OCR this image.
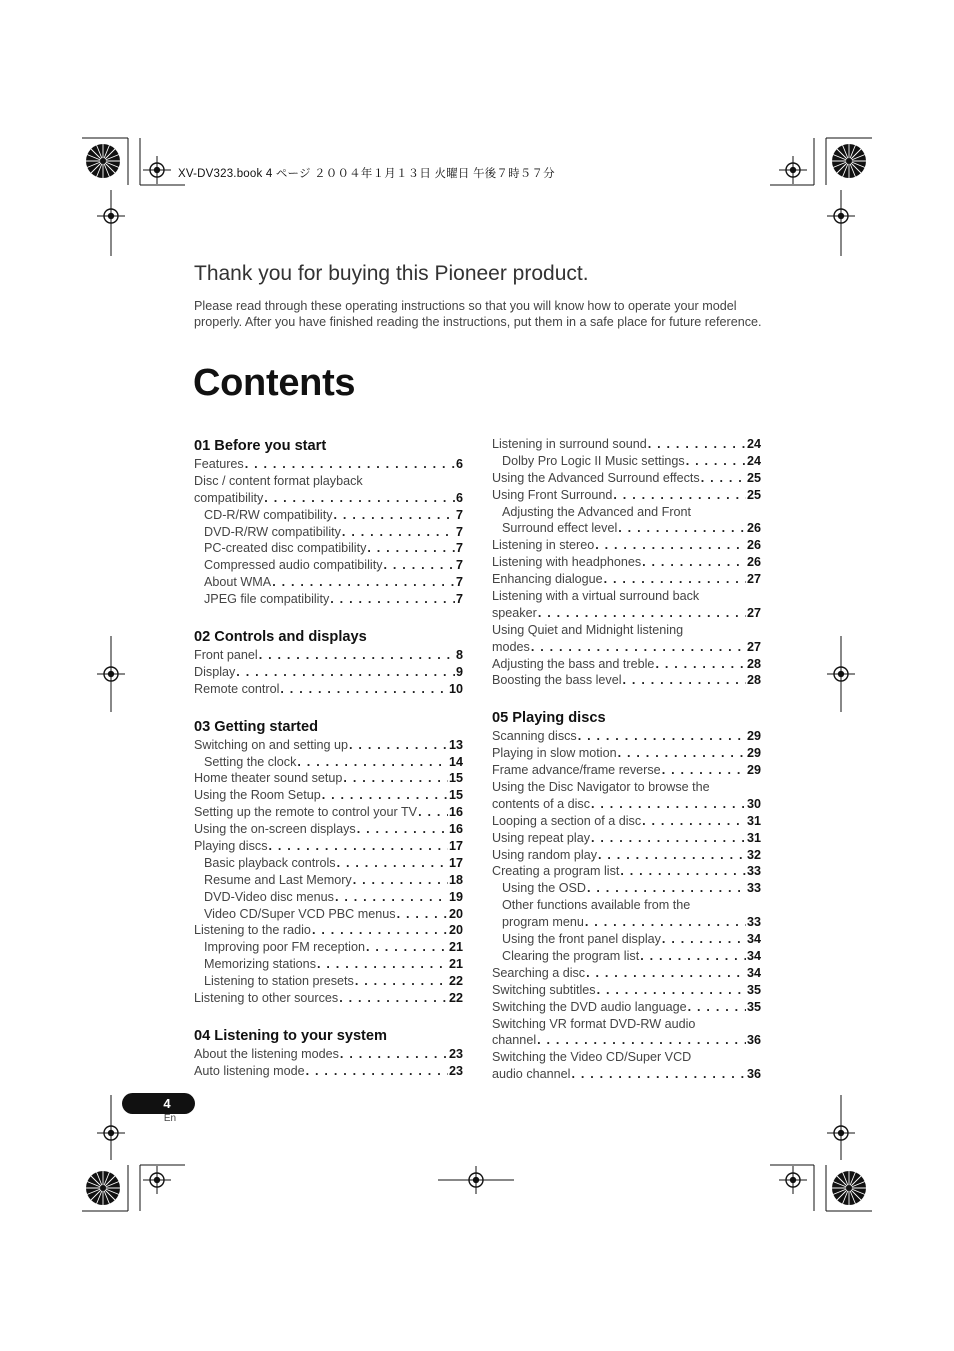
XV-DV323.book 4 ページ ２００４年１月１３日 火曜日 午後７時５７分
Thank you for buying this Pioneer product.

Please read through these operating instructions so that you will know how to operate your model properly. After you have finished reading the instructions, put them in a safe place for future reference.

Contents
01 Before you start
Features . . .	6
Disc / content format playback
compatibility . . .	6
CD-R/RW compatibility . . .	7
DVD-R/RW compatibility . . .	7
PC-created disc compatibility . . .	7
Compressed audio compatibility . . .	7
About WMA . . .	7
JPEG file compatibility . . .	7
02 Controls and displays
Front panel . . .	8
Display . . .	9
Remote control . . .	10
03 Getting started
Switching on and setting up . . .	13
Setting the clock . . .	14
Home theater sound setup . . .	15
Using the Room Setup . . .	15
Setting up the remote to control your TV . . .	16
Using the on-screen displays . . .	16
Playing discs . . .	17
Basic playback controls . . .	17
Resume and Last Memory . . .	18
DVD-Video disc menus . . .	19
Video CD/Super VCD PBC menus . . .	20
Listening to the radio . . .	20
Improving poor FM reception . . .	21
Memorizing stations . . .	21
Listening to station presets . . .	22
Listening to other sources . . .	22
04 Listening to your system
About the listening modes . . .	23
Auto listening mode . . .	23
Listening in surround sound . . .	24
Dolby Pro Logic II Music settings . . .	24
Using the Advanced Surround effects . . .	25
Using Front Surround . . .	25
Adjusting the Advanced and Front
Surround effect level . . .	26
Listening in stereo . . .	26
Listening with headphones . . .	26
Enhancing dialogue . . .	27
Listening with a virtual surround back
speaker . . .	27
Using Quiet and Midnight listening
modes . . .	27
Adjusting the bass and treble . . .	28
Boosting the bass level . . .	28
05 Playing discs
Scanning discs . . .	29
Playing in slow motion . . .	29
Frame advance/frame reverse . . .	29
Using the Disc Navigator to browse the
contents of a disc . . .	30
Looping a section of a disc . . .	31
Using repeat play . . .	31
Using random play . . .	32
Creating a program list . . .	33
Using the OSD . . .	33
Other functions available from the
program menu . . .	33
Using the front panel display . . .	34
Clearing the program list . . .	34
Searching a disc . . .	34
Switching subtitles . . .	35
Switching the DVD audio language . . .	35
Switching VR format DVD-RW audio
channel . . .	36
Switching the Video CD/Super VCD
audio channel . . .	36
4
En
